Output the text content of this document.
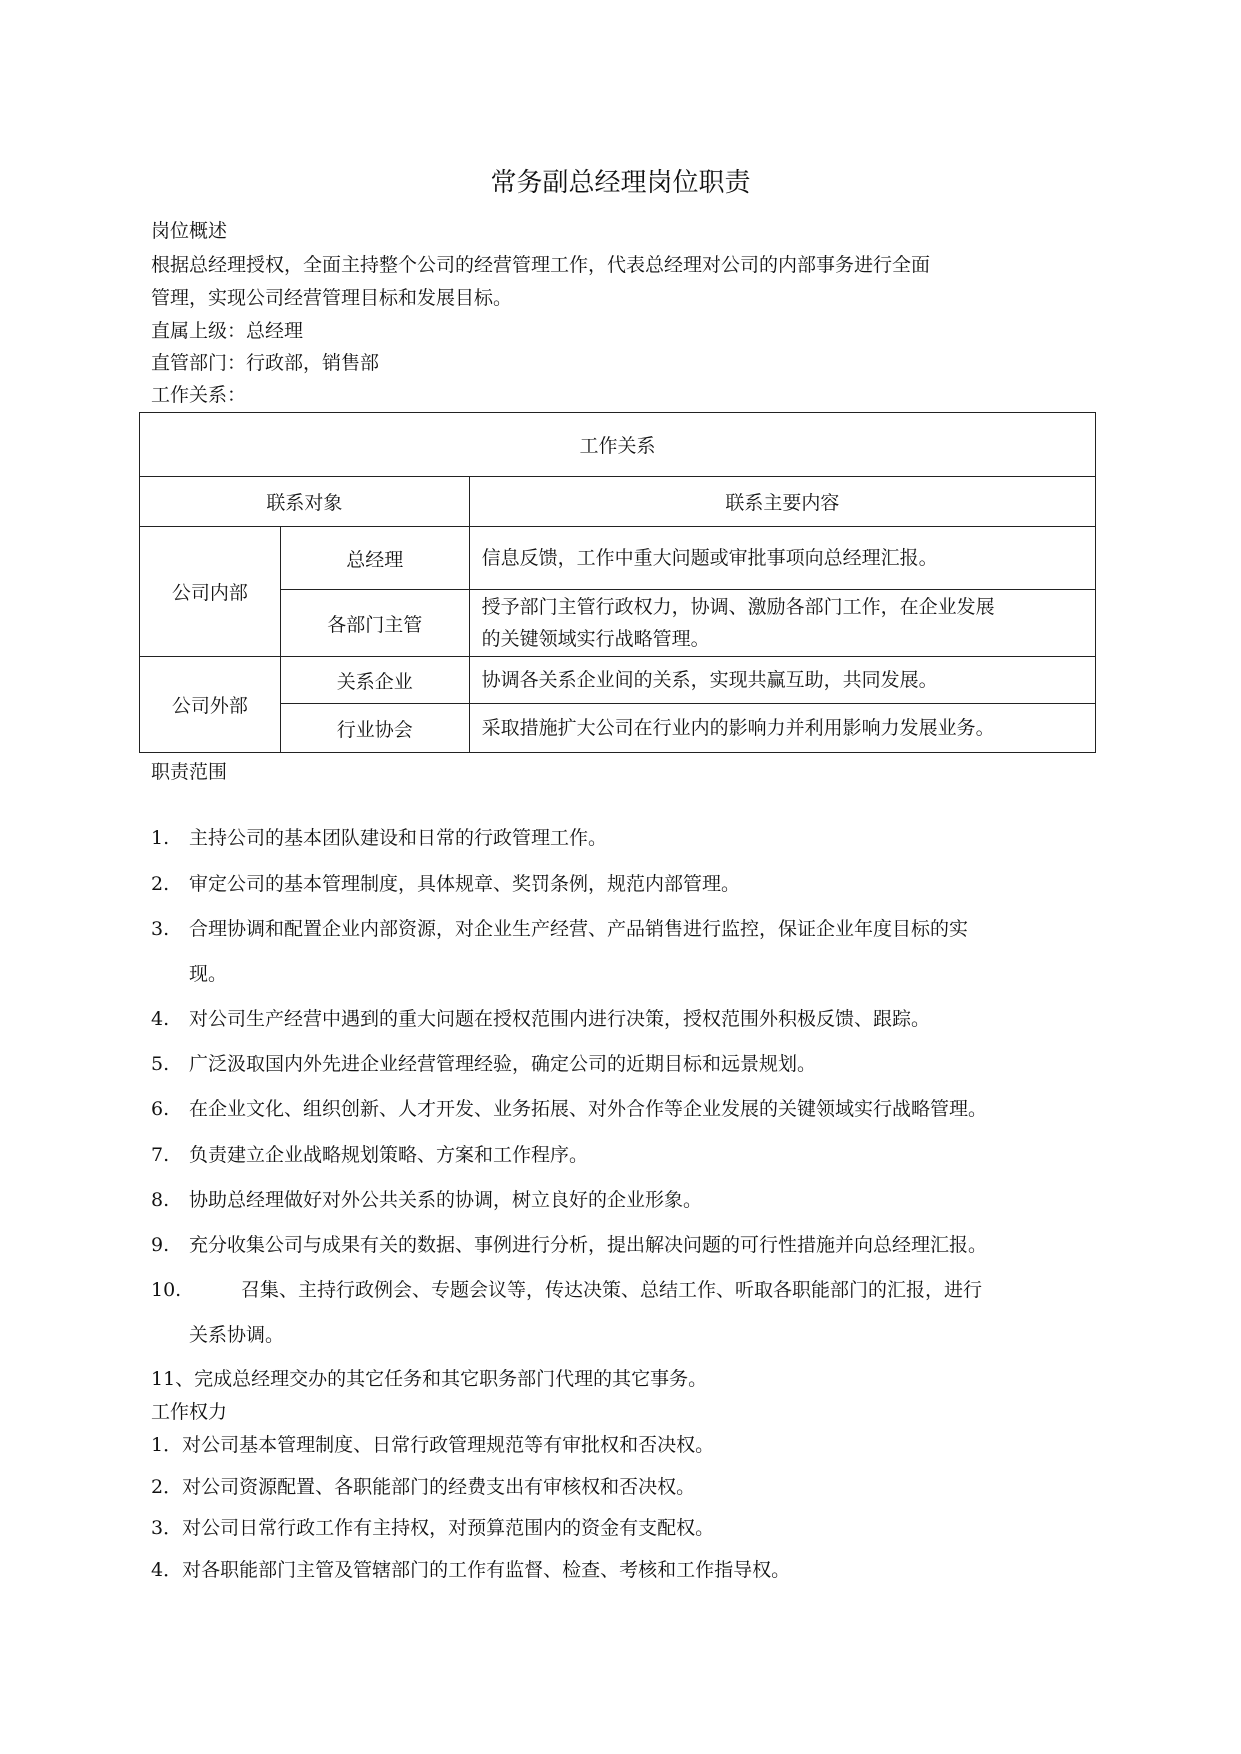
常务副总经理岗位职责
岗位概述
根据总经理授权，全面主持整个公司的经营管理工作，代表总经理对公司的内部事务进行全面
管理，实现公司经营管理目标和发展目标。
直属上级：总经理
直管部门：行政部，销售部
工作关系：
工作关系		
联系对象		联系主要内容
公司内部	总经理	信息反馈，工作中重大问题或审批事项向总经理汇报。
	各部门主管	授予部门主管行政权力，协调、激励各部门工作，在企业发展
的关键领域实行战略管理。

公司外部	关系企业	协调各关系企业间的关系，实现共赢互助，共同发展。
	行业协会	采取措施扩大公司在行业内的影响力并利用影响力发展业务。
职责范围
1. 主持公司的基本团队建设和日常的行政管理工作。
2. 审定公司的基本管理制度，具体规章、奖罚条例，规范内部管理。
3. 合理协调和配置企业内部资源，对企业生产经营、产品销售进行监控，保证企业年度目标的实
现。
4. 对公司生产经营中遇到的重大问题在授权范围内进行决策，授权范围外积极反馈、跟踪。
5. 广泛汲取国内外先进企业经营管理经验，确定公司的近期目标和远景规划。
6. 在企业文化、组织创新、人才开发、业务拓展、对外合作等企业发展的关键领域实行战略管理。
7. 负责建立企业战略规划策略、方案和工作程序。
8. 协助总经理做好对外公共关系的协调，树立良好的企业形象。
9. 充分收集公司与成果有关的数据、事例进行分析，提出解决问题的可行性措施并向总经理汇报。
10.	召集、主持行政例会、专题会议等，传达决策、总结工作、听取各职能部门的汇报，进行
关系协调。
11、完成总经理交办的其它任务和其它职务部门代理的其它事务。
工作权力
1．对公司基本管理制度、日常行政管理规范等有审批权和否决权。
2．对公司资源配置、各职能部门的经费支出有审核权和否决权。
3．对公司日常行政工作有主持权，对预算范围内的资金有支配权。
4．对各职能部门主管及管辖部门的工作有监督、检查、考核和工作指导权。
